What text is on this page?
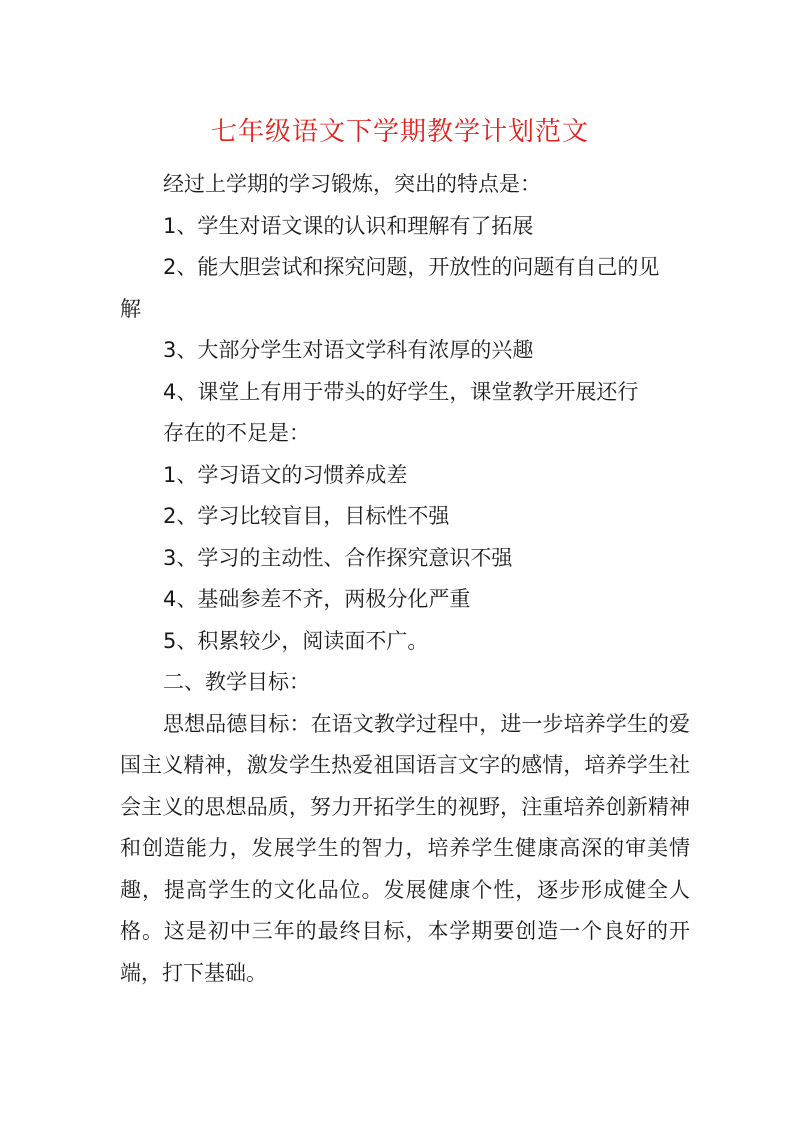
七年级语文下学期教学计划范文
经过上学期的学习锻炼，突出的特点是：
1、学生对语文课的认识和理解有了拓展
2、能大胆尝试和探究问题，开放性的问题有自己的见
解
3、大部分学生对语文学科有浓厚的兴趣
4、课堂上有用于带头的好学生，课堂教学开展还行
存在的不足是：
1、学习语文的习惯养成差
2、学习比较盲目，目标性不强
3、学习的主动性、合作探究意识不强
4、基础参差不齐，两极分化严重
5、积累较少，阅读面不广。
二、教学目标：
思想品德目标：在语文教学过程中，进一步培养学生的爱国主义精神，激发学生热爱祖国语言文字的感情，培养学生社会主义的思想品质，努力开拓学生的视野，注重培养创新精神和创造能力，发展学生的智力，培养学生健康高深的审美情趣，提高学生的文化品位。发展健康个性，逐步形成健全人格。这是初中三年的最终目标，本学期要创造一个良好的开端，打下基础。
